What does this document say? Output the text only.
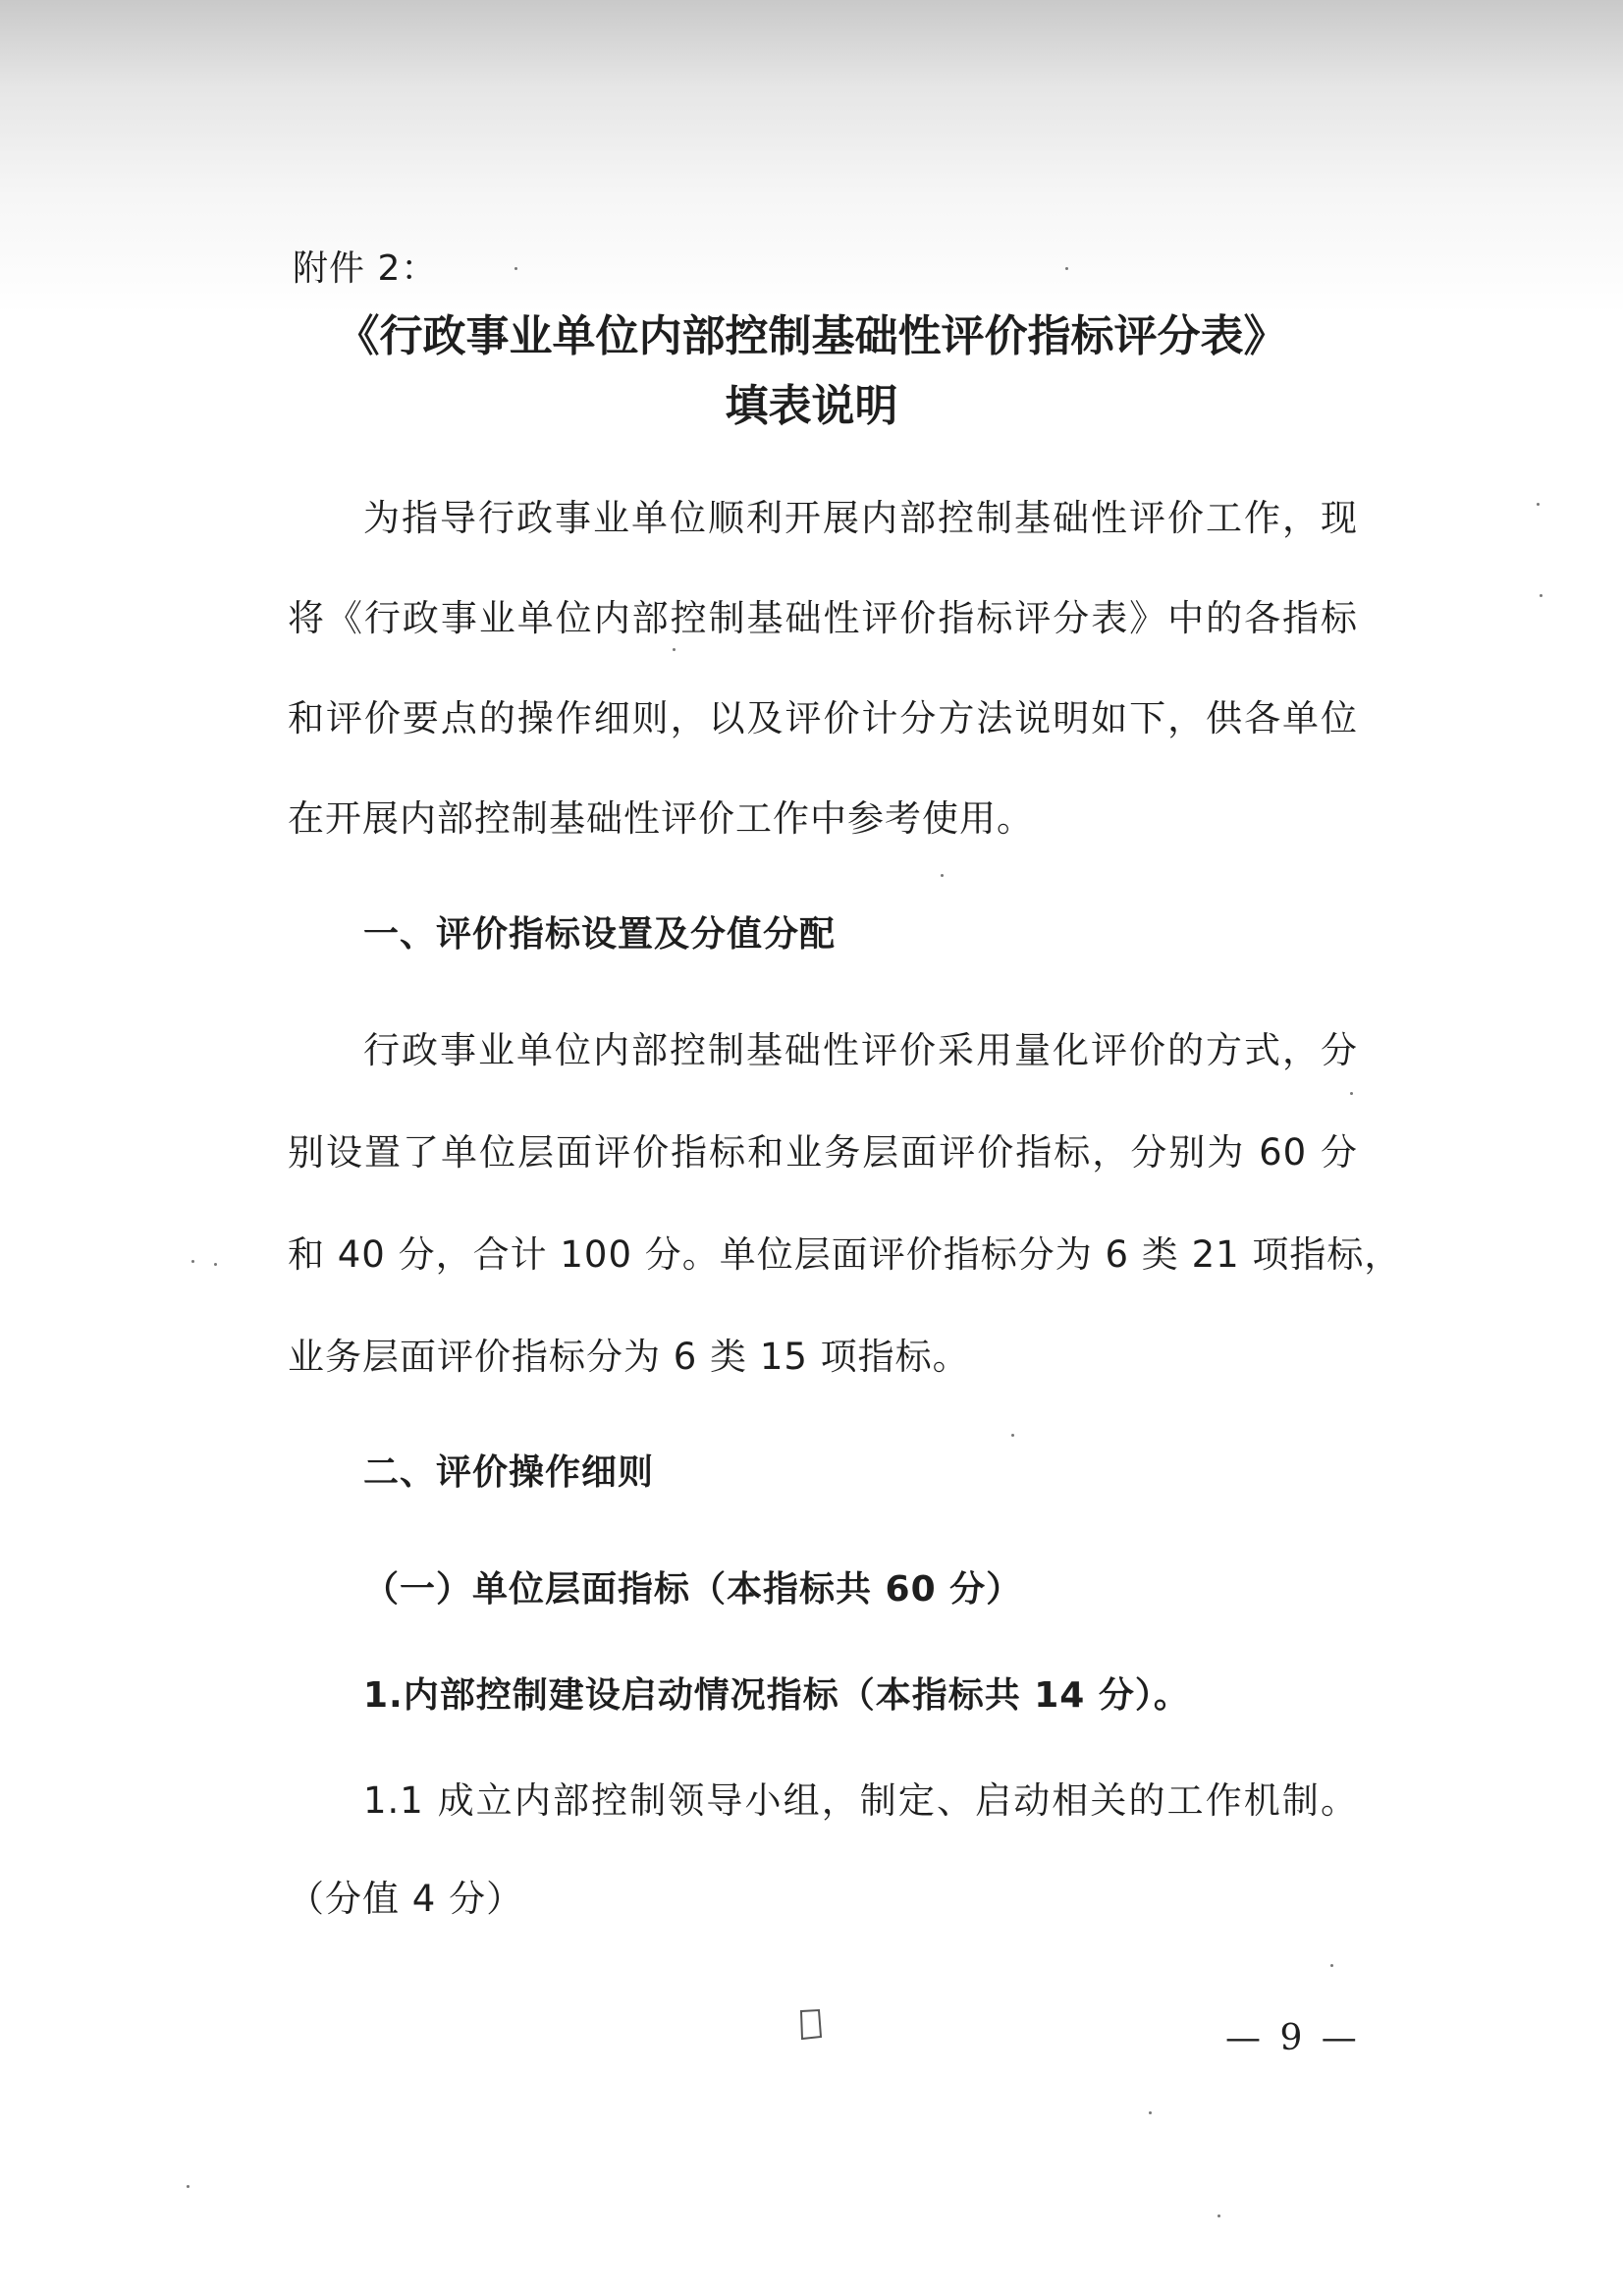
附件 2：
《行政事业单位内部控制基础性评价指标评分表》
填表说明
为指导行政事业单位顺利开展内部控制基础性评价工作，现
将《行政事业单位内部控制基础性评价指标评分表》中的各指标
和评价要点的操作细则，以及评价计分方法说明如下，供各单位
在开展内部控制基础性评价工作中参考使用。
一、评价指标设置及分值分配
行政事业单位内部控制基础性评价采用量化评价的方式，分
别设置了单位层面评价指标和业务层面评价指标，分别为 60 分
和 40 分，合计 100 分。单位层面评价指标分为 6 类 21 项指标，
业务层面评价指标分为 6 类 15 项指标。
二、评价操作细则
（一）单位层面指标（本指标共 60 分）
1.内部控制建设启动情况指标（本指标共 14 分）。
1.1 成立内部控制领导小组，制定、启动相关的工作机制。
（分值 4 分）
— 9 —
